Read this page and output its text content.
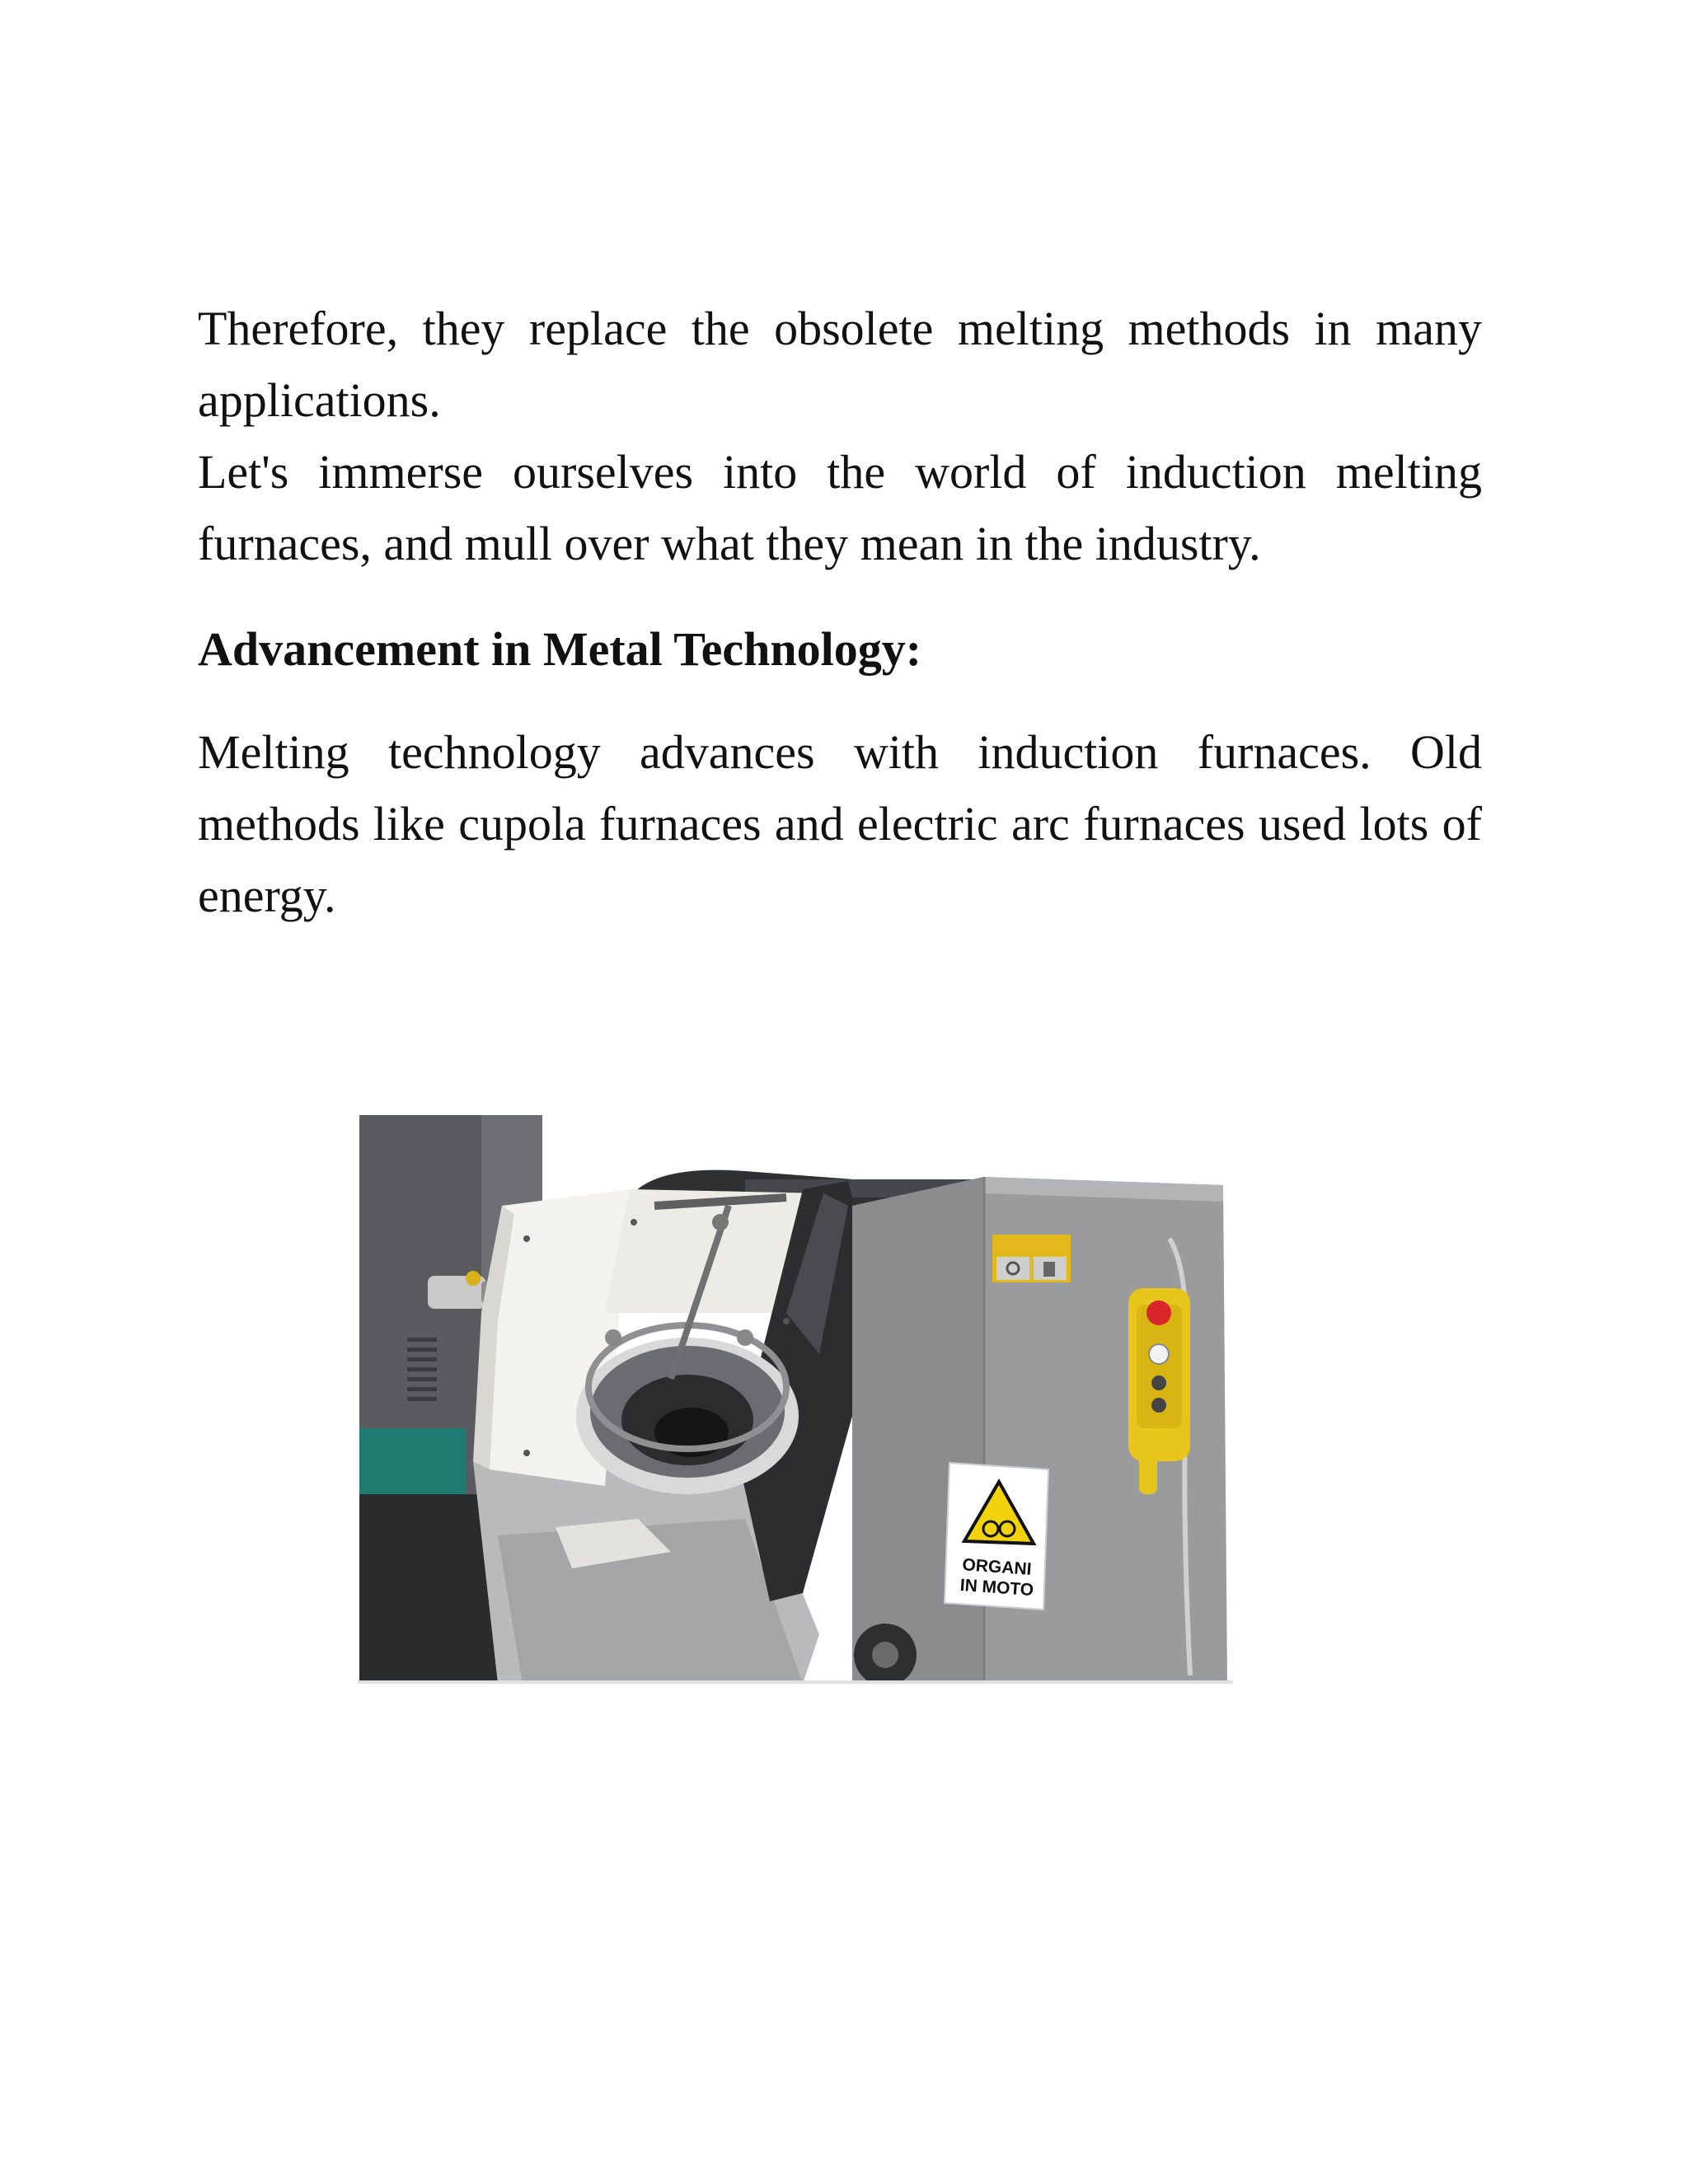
Therefore, they replace the obsolete melting methods in many applications.

Let's immerse ourselves into the world of induction melting furnaces, and mull over what they mean in the industry.

Advancement in Metal Technology:

Melting technology advances with induction furnaces. Old methods like cupola furnaces and electric arc furnaces used lots of energy.

ORGANI
IN MOTO
